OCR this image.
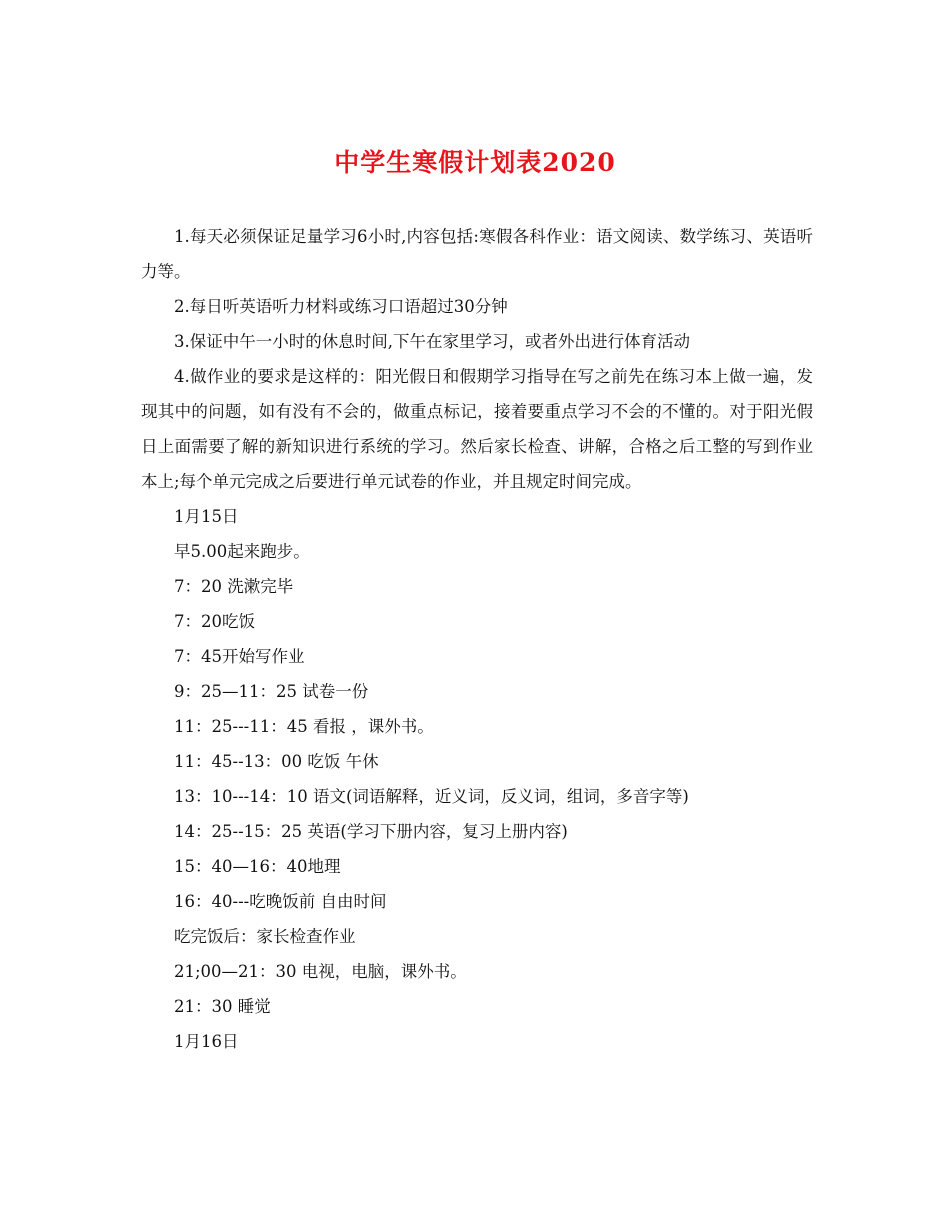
中学生寒假计划表2020

1.每天必须保证足量学习6小时,内容包括:寒假各科作业：语文阅读、数学练习、英语听力等。

2.每日听英语听力材料或练习口语超过30分钟

3.保证中午一小时的休息时间,下午在家里学习，或者外出进行体育活动

4.做作业的要求是这样的：阳光假日和假期学习指导在写之前先在练习本上做一遍，发现其中的问题，如有没有不会的，做重点标记，接着要重点学习不会的不懂的。对于阳光假日上面需要了解的新知识进行系统的学习。然后家长检查、讲解，合格之后工整的写到作业本上;每个单元完成之后要进行单元试卷的作业，并且规定时间完成。

1月15日

早5.00起来跑步。

7：20 洗漱完毕

7：20吃饭

7：45开始写作业

9：25—11：25 试卷一份

11：25---11：45 看报 ，课外书。

11：45--13：00 吃饭 午休

13：10---14：10 语文(词语解释，近义词，反义词，组词，多音字等)

14：25--15：25 英语(学习下册内容，复习上册内容)

15：40—16：40地理

16：40---吃晚饭前 自由时间

吃完饭后：家长检查作业

21;00—21：30 电视，电脑，课外书。

21：30 睡觉

1月16日
